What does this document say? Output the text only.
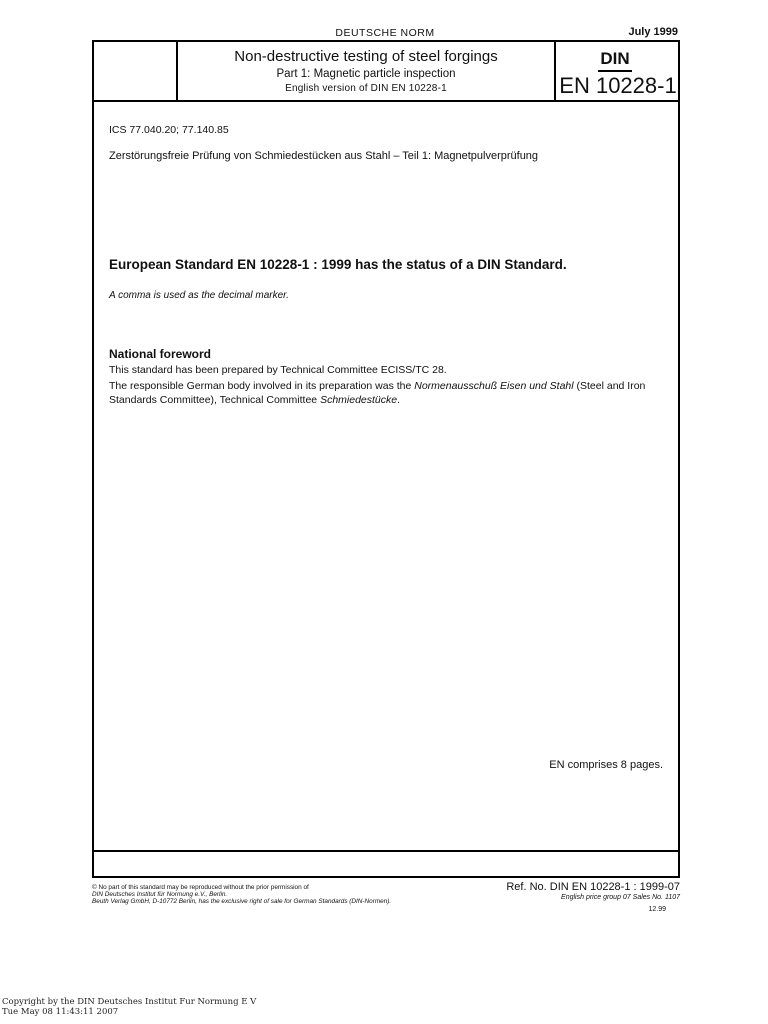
DEUTSCHE NORM	July 1999
Non-destructive testing of steel forgings
Part 1: Magnetic particle inspection
English version of DIN EN 10228-1
DIN
EN 10228-1
ICS 77.040.20; 77.140.85
Zerstörungsfreie Prüfung von Schmiedestücken aus Stahl – Teil 1: Magnetpulverprüfung
European Standard EN 10228-1 : 1999 has the status of a DIN Standard.
A comma is used as the decimal marker.
National foreword
This standard has been prepared by Technical Committee ECISS/TC 28.
The responsible German body involved in its preparation was the Normenausschuß Eisen und Stahl (Steel and Iron Standards Committee), Technical Committee Schmiedestücke.
EN comprises 8 pages.
© No part of this standard may be reproduced without the prior permission of
DIN Deutsches Institut für Normung e.V., Berlin.
Beuth Verlag GmbH, D-10772 Berlin, has the exclusive right of sale for German Standards (DIN-Normen).
Ref. No. DIN EN 10228-1 : 1999-07
English price group 07 Sales No. 1107
12.99
Copyright by the DIN Deutsches Institut Fur Normung E V
Tue May 08 11:43:11 2007
